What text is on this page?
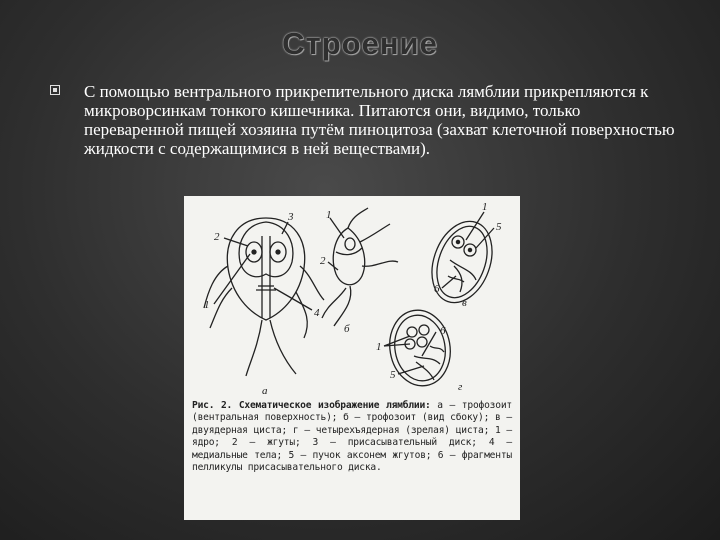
Строение
С помощью вентрального прикрепительного диска лямблии прикрепляются к микроворсинкам тонкого кишечника. Питаются они, видимо, только переваренной пищей хозяина путём пиноцитоза (захват клеточной поверхностью жидкости с содержащимися в ней веществами).
2
3
1
4
а
1
2
б
1
5
6
в
1
6
5
г
Рис. 2. Схематическое изображение лямблии: а — трофозоит (вентральная поверхность); б — трофозоит (вид сбоку); в — двуядерная циста; г — четырехъядерная (зрелая) циста; 1 — ядро; 2 — жгуты; 3 — присасывательный диск; 4 — медиальные тела; 5 — пучок аксонем жгутов; 6 — фрагменты пелликулы присасывательного диска.
